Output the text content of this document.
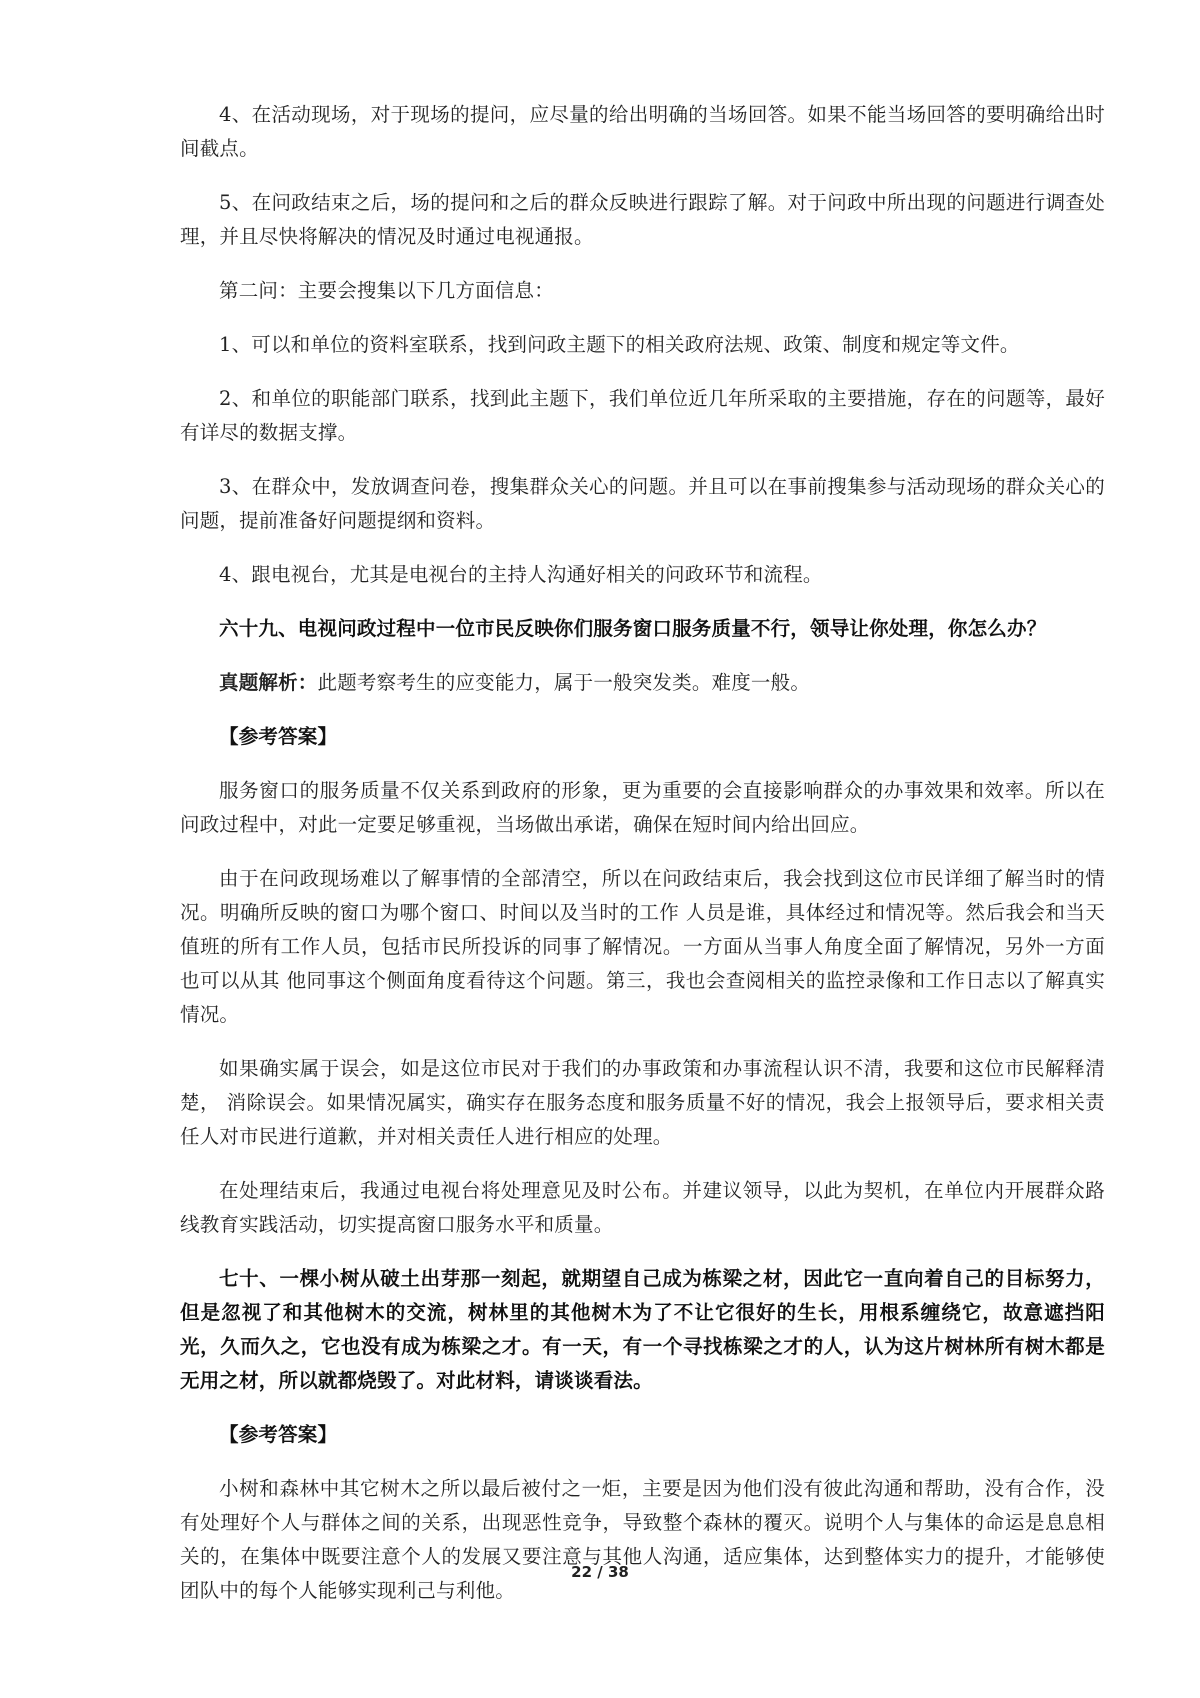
4、在活动现场，对于现场的提问，应尽量的给出明确的当场回答。如果不能当场回答的要明确给出时间截点。

5、在问政结束之后，场的提问和之后的群众反映进行跟踪了解。对于问政中所出现的问题进行调查处理，并且尽快将解决的情况及时通过电视通报。

第二问：主要会搜集以下几方面信息：

1、可以和单位的资料室联系，找到问政主题下的相关政府法规、政策、制度和规定等文件。

2、和单位的职能部门联系，找到此主题下，我们单位近几年所采取的主要措施，存在的问题等，最好有详尽的数据支撑。

3、在群众中，发放调查问卷，搜集群众关心的问题。并且可以在事前搜集参与活动现场的群众关心的问题，提前准备好问题提纲和资料。

4、跟电视台，尤其是电视台的主持人沟通好相关的问政环节和流程。

六十九、电视问政过程中一位市民反映你们服务窗口服务质量不行，领导让你处理，你怎么办？

真题解析：此题考察考生的应变能力，属于一般突发类。难度一般。

【参考答案】

服务窗口的服务质量不仅关系到政府的形象，更为重要的会直接影响群众的办事效果和效率。所以在问政过程中，对此一定要足够重视，当场做出承诺，确保在短时间内给出回应。

由于在问政现场难以了解事情的全部清空，所以在问政结束后，我会找到这位市民详细了解当时的情况。明确所反映的窗口为哪个窗口、时间以及当时的工作 人员是谁，具体经过和情况等。然后我会和当天值班的所有工作人员，包括市民所投诉的同事了解情况。一方面从当事人角度全面了解情况，另外一方面也可以从其 他同事这个侧面角度看待这个问题。第三，我也会查阅相关的监控录像和工作日志以了解真实情况。

如果确实属于误会，如是这位市民对于我们的办事政策和办事流程认识不清，我要和这位市民解释清楚， 消除误会。如果情况属实，确实存在服务态度和服务质量不好的情况，我会上报领导后，要求相关责任人对市民进行道歉，并对相关责任人进行相应的处理。

在处理结束后，我通过电视台将处理意见及时公布。并建议领导，以此为契机，在单位内开展群众路线教育实践活动，切实提高窗口服务水平和质量。

七十、一棵小树从破土出芽那一刻起，就期望自己成为栋梁之材，因此它一直向着自己的目标努力，但是忽视了和其他树木的交流，树林里的其他树木为了不让它很好的生长，用根系缠绕它，故意遮挡阳光，久而久之，它也没有成为栋梁之才。有一天，有一个寻找栋梁之才的人，认为这片树林所有树木都是无用之材，所以就都烧毁了。对此材料，请谈谈看法。

【参考答案】

小树和森林中其它树木之所以最后被付之一炬，主要是因为他们没有彼此沟通和帮助，没有合作，没有处理好个人与群体之间的关系，出现恶性竞争，导致整个森林的覆灭。说明个人与集体的命运是息息相关的，在集体中既要注意个人的发展又要注意与其他人沟通，适应集体，达到整体实力的提升，才能够使团队中的每个人能够实现利己与利他。

22 / 38
